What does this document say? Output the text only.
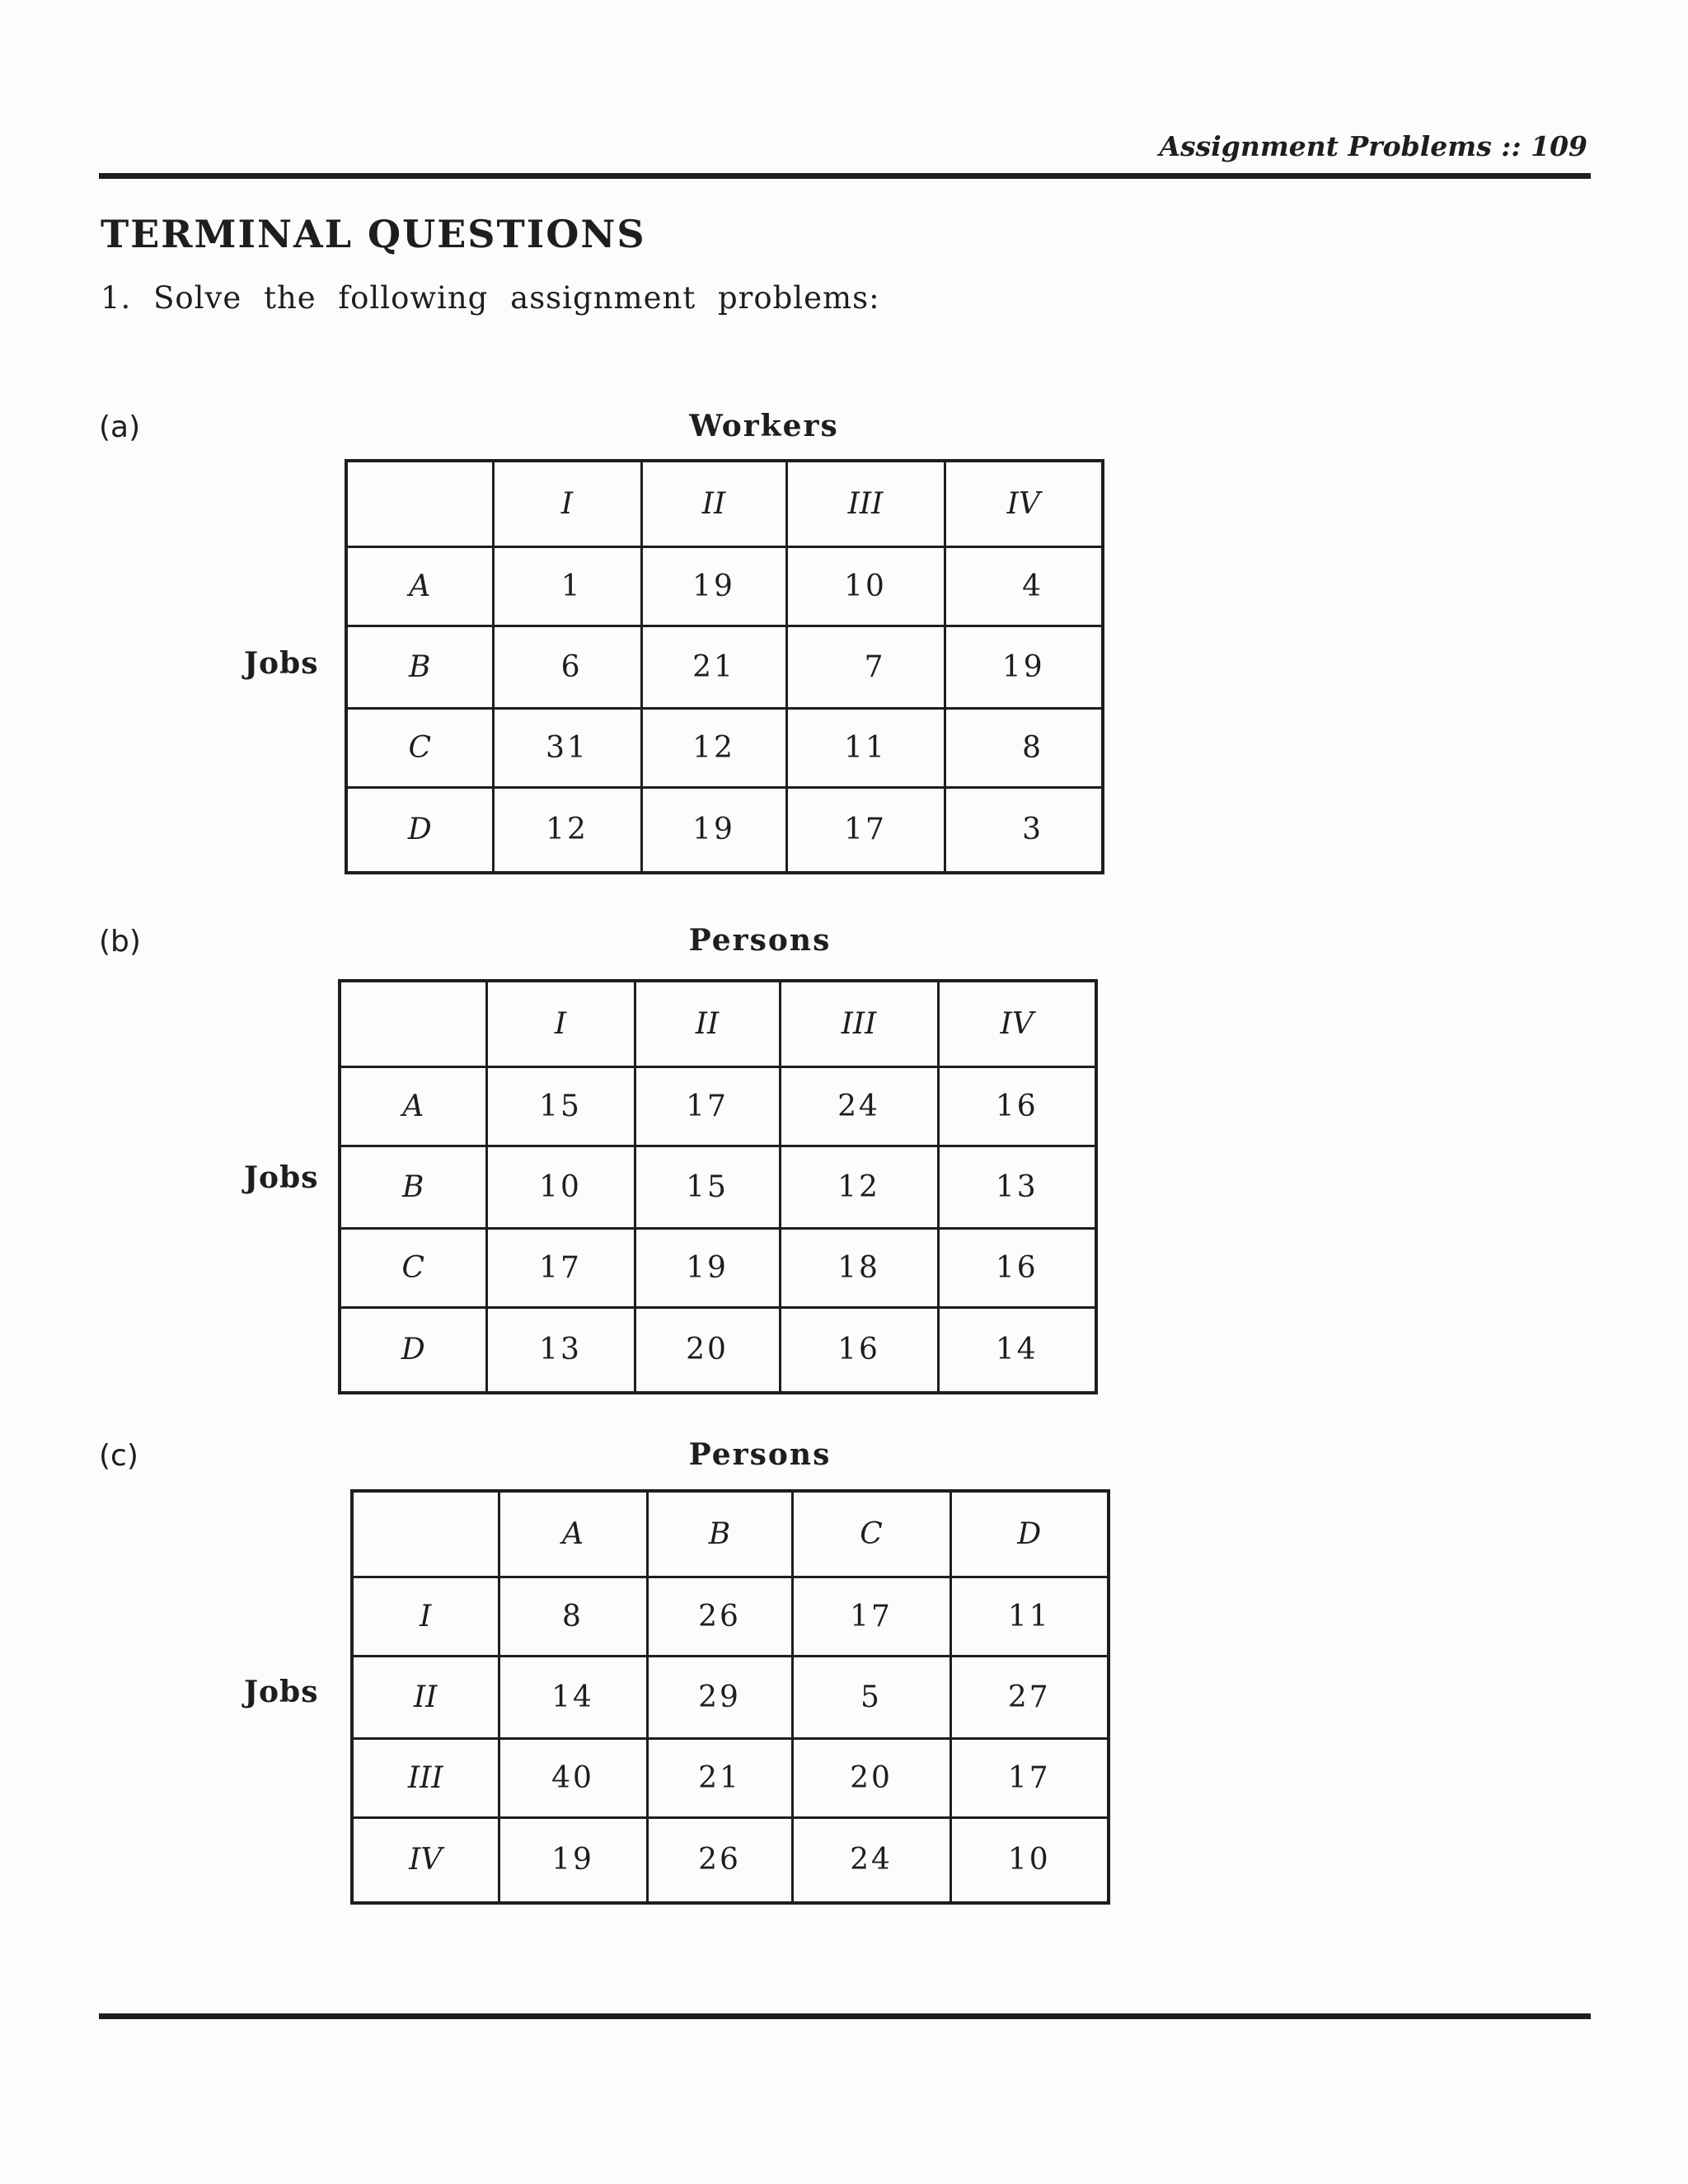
Assignment Problems :: 109
TERMINAL QUESTIONS
1. Solve the following assignment problems:
(a)	Workers
Jobs
	I	II	III	IV
A	1	19	10	4
B	6	21	7	19
C	31	12	11	8
D	12	19	17	3
(b)	Persons
Jobs
	I	II	III	IV
A	15	17	24	16
B	10	15	12	13
C	17	19	18	16
D	13	20	16	14
(c)	Persons
Jobs
	A	B	C	D
I	8	26	17	11
II	14	29	5	27
III	40	21	20	17
IV	19	26	24	10
